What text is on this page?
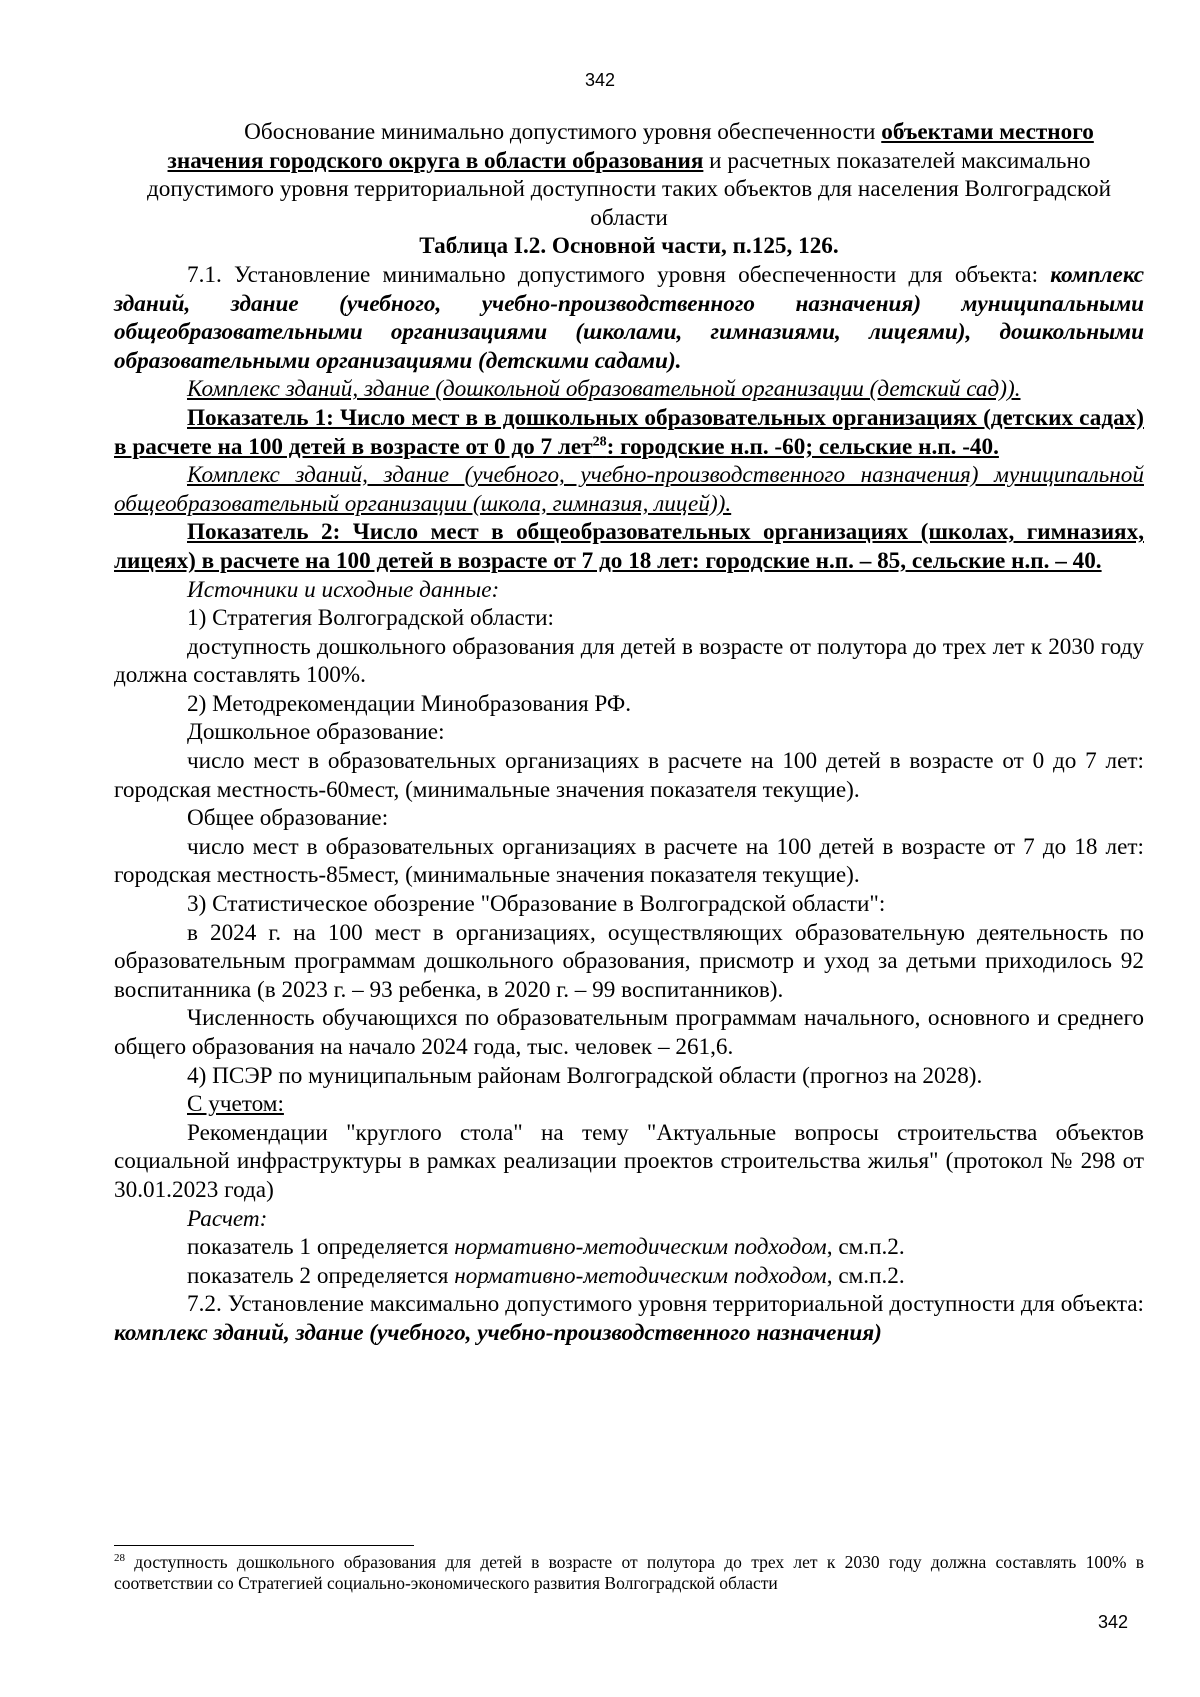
342

Обоснование минимально допустимого уровня обеспеченности объектами местного значения городского округа в области образования и расчетных показателей максимально допустимого уровня территориальной доступности таких объектов для населения Волгоградской области

Таблица I.2. Основной части, п.125, 126.

7.1. Установление минимально допустимого уровня обеспеченности для объекта: комплекс зданий, здание (учебного, учебно-производственного назначения) муниципальными общеобразовательными организациями (школами, гимназиями, лицеями), дошкольными образовательными организациями (детскими садами).

Комплекс зданий, здание (дошкольной образовательной организации (детский сад)).

Показатель 1: Число мест в в дошкольных образовательных организациях (детских садах) в расчете на 100 детей в возрасте от 0 до 7 лет$^{28}$: городские н.п. -60; сельские н.п. -40.

Комплекс зданий, здание (учебного, учебно-производственного назначения) муниципальной общеобразовательный организации (школа, гимназия, лицей)).

Показатель 2: Число мест в общеобразовательных организациях (школах, гимназиях, лицеях) в расчете на 100 детей в возрасте от 7 до 18 лет: городские н.п. – 85, сельские н.п. – 40.

Источники и исходные данные:

1) Стратегия Волгоградской области:

доступность дошкольного образования для детей в возрасте от полутора до трех лет к 2030 году должна составлять 100%.

2) Методрекомендации Минобразования РФ.

Дошкольное образование:

число мест в образовательных организациях в расчете на 100 детей в возрасте от 0 до 7 лет: городская местность-60мест, (минимальные значения показателя текущие).

Общее образование:

число мест в образовательных организациях в расчете на 100 детей в возрасте от 7 до 18 лет: городская местность-85мест, (минимальные значения показателя текущие).

3) Статистическое обозрение "Образование в Волгоградской области":

в 2024 г. на 100 мест в организациях, осуществляющих образовательную деятельность по образовательным программам дошкольного образования, присмотр и уход за детьми приходилось 92 воспитанника (в 2023 г. – 93 ребенка, в 2020 г. – 99 воспитанников).

Численность обучающихся по образовательным программам начального, основного и среднего общего образования на начало 2024 года, тыс. человек – 261,6.

4) ПСЭР по муниципальным районам Волгоградской области (прогноз на 2028).

С учетом:

Рекомендации "круглого стола" на тему "Актуальные вопросы строительства объектов социальной инфраструктуры в рамках реализации проектов строительства жилья" (протокол № 298 от 30.01.2023 года)

Расчет:

показатель 1 определяется нормативно-методическим подходом, см.п.2.

показатель 2 определяется нормативно-методическим подходом, см.п.2.

7.2. Установление максимально допустимого уровня территориальной доступности для объекта: комплекс зданий, здание (учебного, учебно-производственного назначения)

$^{28}$ доступность дошкольного образования для детей в возрасте от полутора до трех лет к 2030 году должна составлять 100% в соответствии со Стратегией социально-экономического развития Волгоградской области
342
